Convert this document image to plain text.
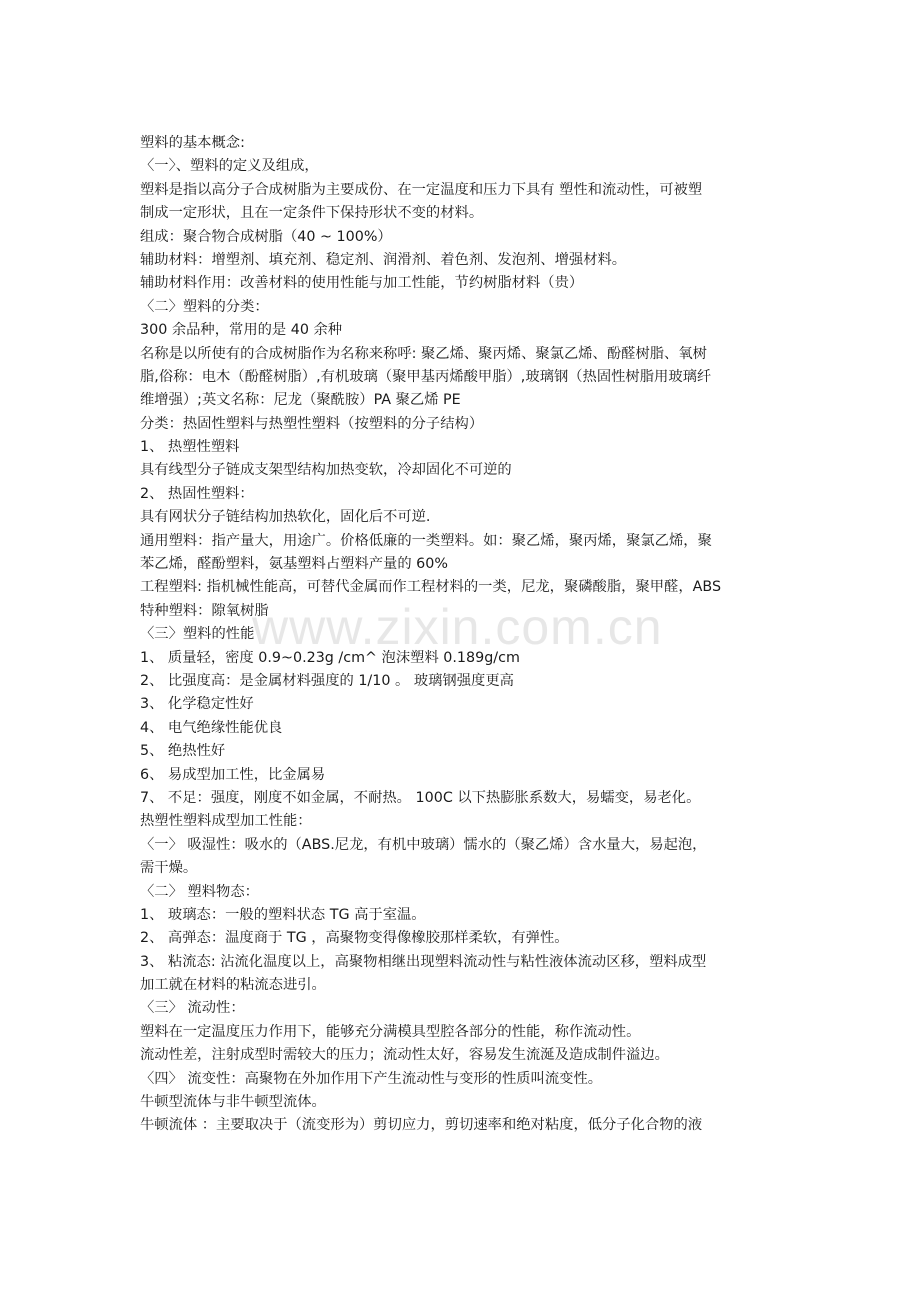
塑料的基本概念:
〈一〉、塑料的定义及组成，
塑料是指以高分子合成树脂为主要成份、在一定温度和压力下具有 塑性和流动性，可被塑
制成一定形状，且在一定条件下保持形状不变的材料。
组成：聚合物合成树脂（40 ~ 100%）
辅助材料：增塑剂、填充剂、稳定剂、润滑剂、着色剂、发泡剂、增强材料。
辅助材料作用：改善材料的使用性能与加工性能，节约树脂材料（贵）
〈二〉塑料的分类：
300 余品种，常用的是 40 余种
名称是以所使有的合成树脂作为名称来称呼: 聚乙烯、聚丙烯、聚氯乙烯、酚醛树脂、氧树
脂,俗称：电木（酚醛树脂）,有机玻璃（聚甲基丙烯酸甲脂）,玻璃钢（热固性树脂用玻璃纤
维增强）;英文名称：尼龙（聚酰胺）PA 聚乙烯 PE
分类：热固性塑料与热塑性塑料（按塑料的分子结构）
1、 热塑性塑料
具有线型分子链成支架型结构加热变软，冷却固化不可逆的
2、 热固性塑料：
具有网状分子链结构加热软化，固化后不可逆.
通用塑料：指产量大，用途广。价格低廉的一类塑料。如：聚乙烯，聚丙烯，聚氯乙烯，聚
苯乙烯，醛酚塑料，氨基塑料占塑料产量的 60%
工程塑料: 指机械性能高，可替代金属而作工程材料的一类，尼龙，聚磷酸脂，聚甲醛，ABS
特种塑料：隙氧树脂
〈三〉塑料的性能
1、 质量轻，密度 0.9~0.23g /cm^ 泡沫塑料 0.189g/cm
2、 比强度高：是金属材料强度的 1/10 。 玻璃钢强度更高
3、 化学稳定性好
4、 电气绝缘性能优良
5、 绝热性好
6、 易成型加工性，比金属易
7、 不足：强度，刚度不如金属，不耐热。 100C 以下热膨胀系数大，易蠕变，易老化。
热塑性塑料成型加工性能：
〈一〉 吸湿性：吸水的（ABS.尼龙，有机中玻璃）懦水的（聚乙烯）含水量大，易起泡，
需干燥。
〈二〉 塑料物态：
1、 玻璃态：一般的塑料状态 TG 高于室温。
2、 高弹态：温度商于 TG ，高聚物变得像橡胶那样柔软，有弹性。
3、 粘流态: 沾流化温度以上，高聚物相继出现塑料流动性与粘性液体流动区移，塑料成型
加工就在材料的粘流态进引。
〈三〉 流动性：
塑料在一定温度压力作用下，能够充分满模具型腔各部分的性能，称作流动性。
流动性差，注射成型时需较大的压力；流动性太好，容易发生流涎及造成制件溢边。
〈四〉 流变性：高聚物在外加作用下产生流动性与变形的性质叫流变性。
牛顿型流体与非牛顿型流体。
牛顿流体 ：主要取决于（流变形为）剪切应力，剪切速率和绝对粘度，低分子化合物的液
www.zixin.com.cn
